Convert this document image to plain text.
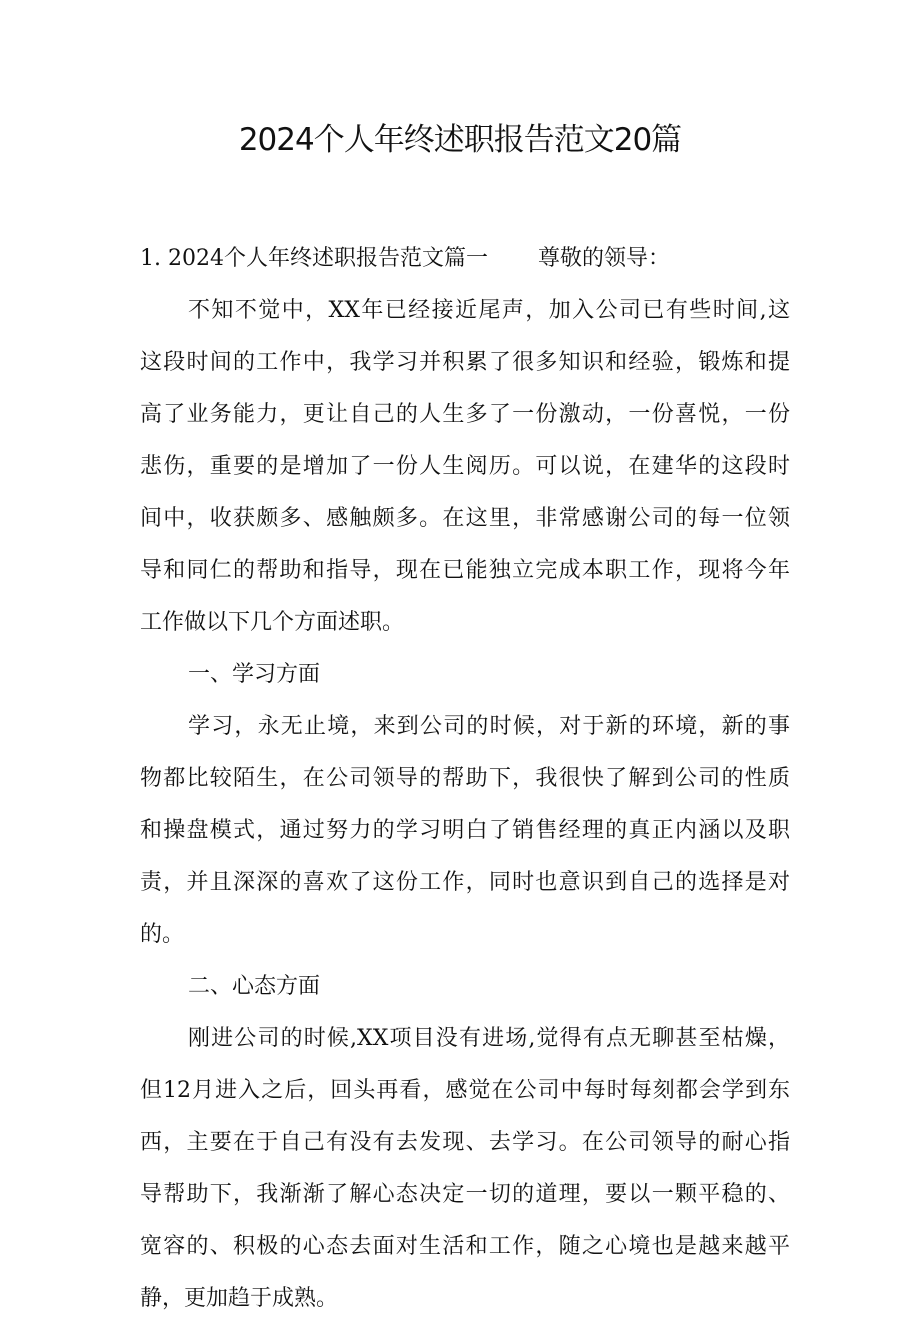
2024个人年终述职报告范文20篇
1. 2024个人年终述职报告范文篇一 尊敬的领导：
不知不觉中，XX年已经接近尾声，加入公司已有些时间,这
这段时间的工作中，我学习并积累了很多知识和经验，锻炼和提
高了业务能力，更让自己的人生多了一份激动，一份喜悦，一份
悲伤，重要的是增加了一份人生阅历。可以说，在建华的这段时
间中，收获颇多、感触颇多。在这里，非常感谢公司的每一位领
导和同仁的帮助和指导，现在已能独立完成本职工作，现将今年
工作做以下几个方面述职。
一、学习方面
学习，永无止境，来到公司的时候，对于新的环境，新的事
物都比较陌生，在公司领导的帮助下，我很快了解到公司的性质
和操盘模式，通过努力的学习明白了销售经理的真正内涵以及职
责，并且深深的喜欢了这份工作，同时也意识到自己的选择是对
的。
二、心态方面
刚进公司的时候,XX项目没有进场,觉得有点无聊甚至枯燥，
但12月进入之后，回头再看，感觉在公司中每时每刻都会学到东
西，主要在于自己有没有去发现、去学习。在公司领导的耐心指
导帮助下，我渐渐了解心态决定一切的道理，要以一颗平稳的、
宽容的、积极的心态去面对生活和工作，随之心境也是越来越平
静，更加趋于成熟。
